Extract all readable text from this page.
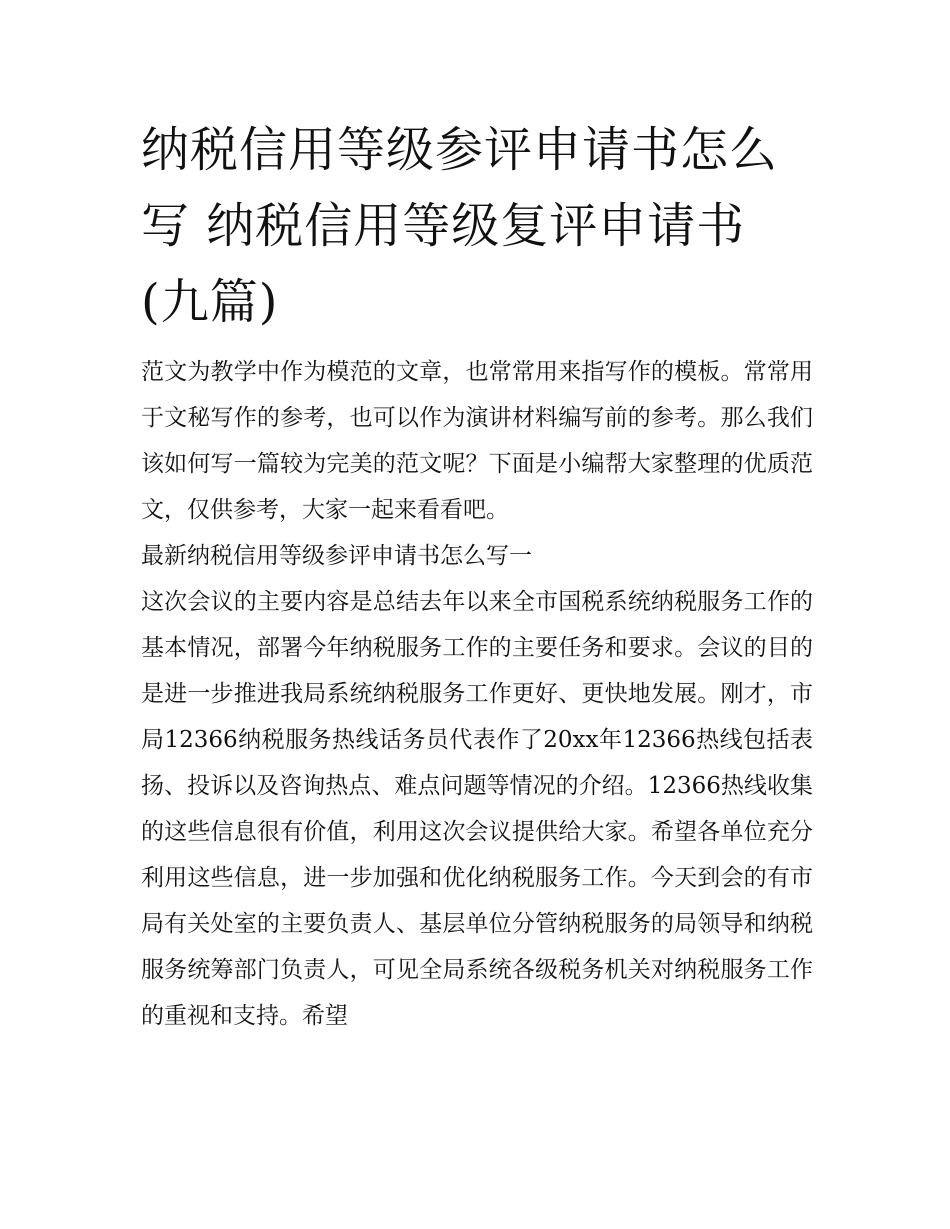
纳税信用等级参评申请书怎么写 纳税信用等级复评申请书(九篇)

范文为教学中作为模范的文章，也常常用来指写作的模板。常常用于文秘写作的参考，也可以作为演讲材料编写前的参考。那么我们该如何写一篇较为完美的范文呢？下面是小编帮大家整理的优质范文，仅供参考，大家一起来看看吧。

最新纳税信用等级参评申请书怎么写一

这次会议的主要内容是总结去年以来全市国税系统纳税服务工作的基本情况，部署今年纳税服务工作的主要任务和要求。会议的目的是进一步推进我局系统纳税服务工作更好、更快地发展。刚才，市局12366纳税服务热线话务员代表作了20xx年12366热线包括表扬、投诉以及咨询热点、难点问题等情况的介绍。12366热线收集的这些信息很有价值，利用这次会议提供给大家。希望各单位充分利用这些信息，进一步加强和优化纳税服务工作。今天到会的有市局有关处室的主要负责人、基层单位分管纳税服务的局领导和纳税服务统筹部门负责人，可见全局系统各级税务机关对纳税服务工作的重视和支持。希望
